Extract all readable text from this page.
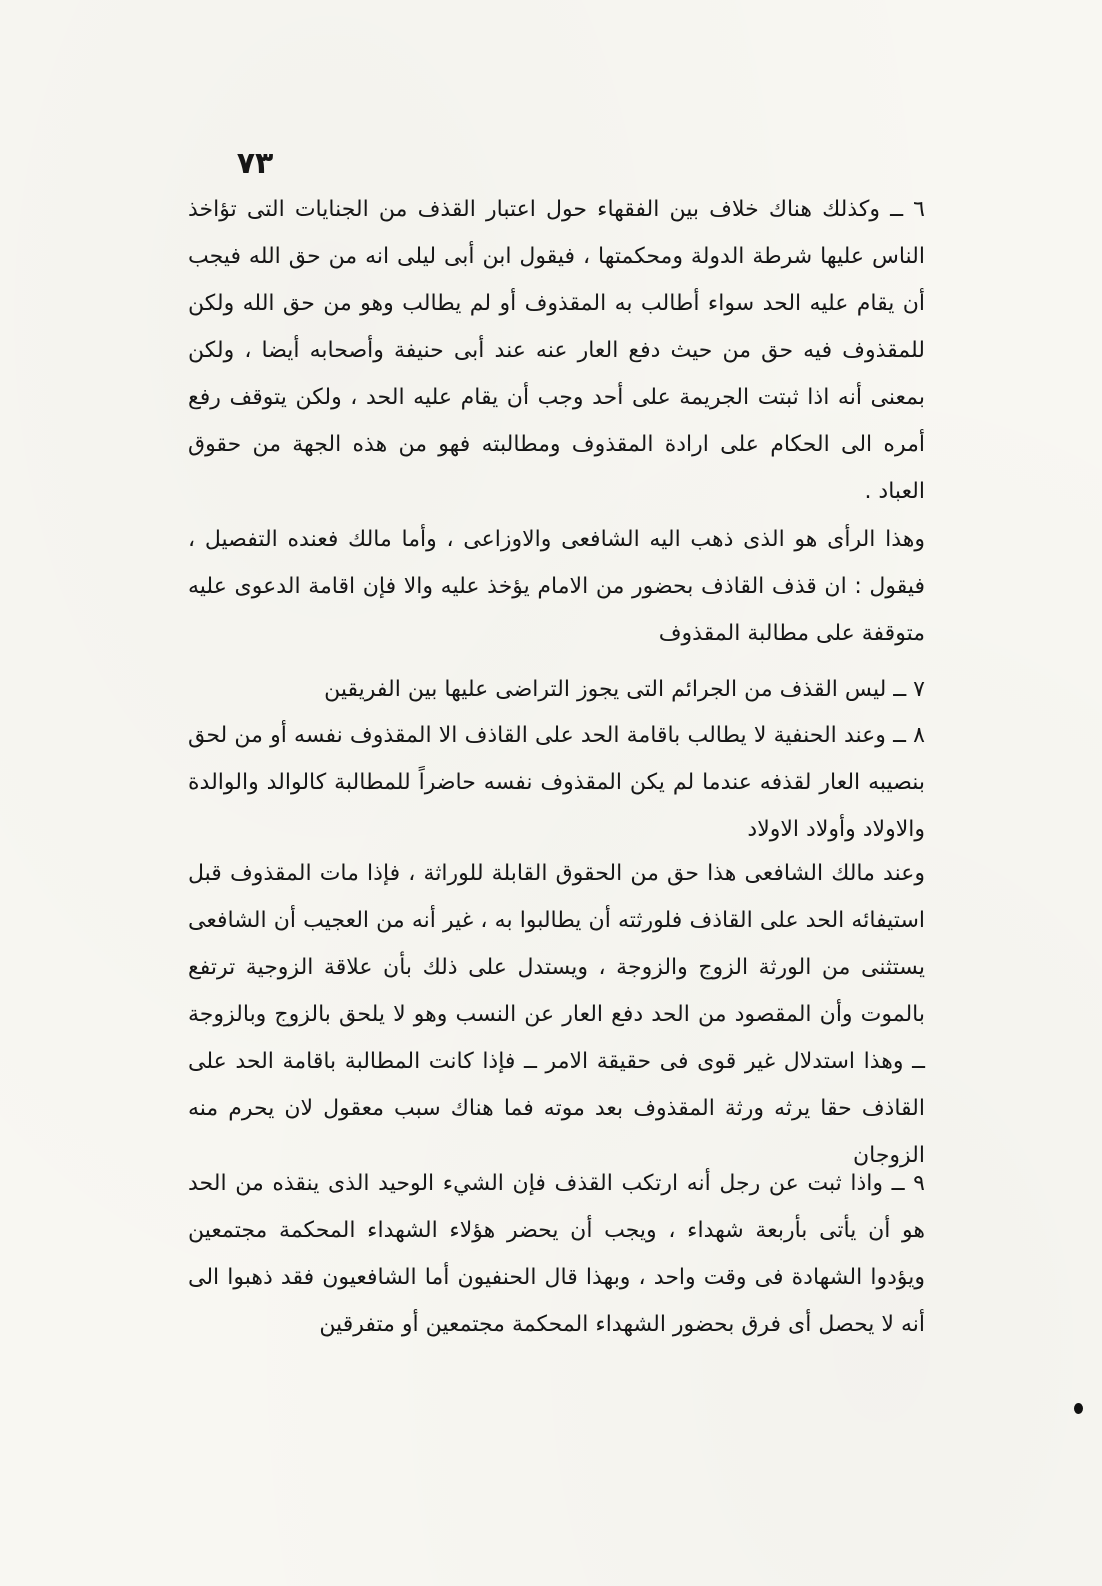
٧٣

٦ ــ وكذلك هناك خلاف بين الفقهاء حول اعتبار القذف من الجنايات التى تؤاخذ الناس عليها شرطة الدولة ومحكمتها ، فيقول ابن أبى ليلى انه من حق الله فيجب أن يقام عليه الحد سواء أطالب به المقذوف أو لم يطالب وهو من حق الله ولكن للمقذوف فيه حق من حيث دفع العار عنه عند أبى حنيفة وأصحابه أيضا ، ولكن بمعنى أنه اذا ثبتت الجريمة على أحد وجب أن يقام عليه الحد ، ولكن يتوقف رفع أمره الى الحكام على ارادة المقذوف ومطالبته فهو من هذه الجهة من حقوق العباد .

وهذا الرأى هو الذى ذهب اليه الشافعى والاوزاعى ، وأما مالك فعنده التفصيل ، فيقول : ان قذف القاذف بحضور من الامام يؤخذ عليه والا فإن اقامة الدعوى عليه متوقفة على مطالبة المقذوف

٧ ــ ليس القذف من الجرائم التى يجوز التراضى عليها بين الفريقين

٨ ــ وعند الحنفية لا يطالب باقامة الحد على القاذف الا المقذوف نفسه أو من لحق بنصيبه العار لقذفه عندما لم يكن المقذوف نفسه حاضراً للمطالبة كالوالد والوالدة والاولاد وأولاد الاولاد

وعند مالك الشافعى هذا حق من الحقوق القابلة للوراثة ، فإذا مات المقذوف قبل استيفائه الحد على القاذف فلورثته أن يطالبوا به ، غير أنه من العجيب أن الشافعى يستثنى من الورثة الزوج والزوجة ، ويستدل على ذلك بأن علاقة الزوجية ترتفع بالموت وأن المقصود من الحد دفع العار عن النسب وهو لا يلحق بالزوج وبالزوجة ــ وهذا استدلال غير قوى فى حقيقة الامر ــ فإذا كانت المطالبة باقامة الحد على القاذف حقا يرثه ورثة المقذوف بعد موته فما هناك سبب معقول لان يحرم منه الزوجان

٩ ــ واذا ثبت عن رجل أنه ارتكب القذف فإن الشيء الوحيد الذى ينقذه من الحد هو أن يأتى بأربعة شهداء ، ويجب أن يحضر هؤلاء الشهداء المحكمة مجتمعين ويؤدوا الشهادة فى وقت واحد ، وبهذا قال الحنفيون أما الشافعيون فقد ذهبوا الى أنه لا يحصل أى فرق بحضور الشهداء المحكمة مجتمعين أو متفرقين
